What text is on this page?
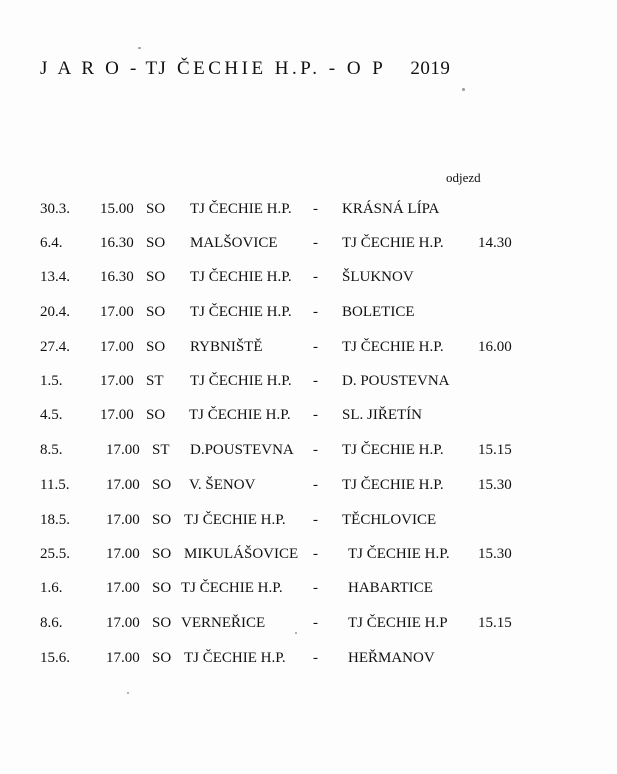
J A R O - TJ ČECHIE H.P. - O P 2019
odjezd
30.3. 15.00 SO TJ ČECHIE H.P. - KRÁSNÁ LÍPA
6.4.	16.30 SO MALŠOVICE - TJ ČECHIE H.P. 14.30
13.4. 16.30 SO TJ ČECHIE H.P. - ŠLUKNOV
20.4. 17.00 SO TJ ČECHIE H.P. - BOLETICE
27.4. 17.00 SO RYBNIŠTĚ	- TJ ČECHIE H.P. 16.00
1.5.	17.00 ST TJ ČECHIE H.P. - D. POUSTEVNA
4.5.	17.00 SO TJ ČECHIE H.P. - SL. JIŘETÍN
8.5.	17.00 ST D.POUSTEVNA - TJ ČECHIE H.P. 15.15
11.5. 17.00 SO V. ŠENOV	- TJ ČECHIE H.P. 15.30
18.5. 17.00 SO TJ ČECHIE H.P. - TĚCHLOVICE
25.5. 17.00 SO MIKULÁŠOVICE - TJ ČECHIE H.P. 15.30
1.6.	17.00 SO TJ ČECHIE H.P. - HABARTICE
8.6.	17.00 SO VERNEŘICE	- TJ ČECHIE H.P 15.15
15.6. 17.00 SO TJ ČECHIE H.P. - HEŘMANOV
